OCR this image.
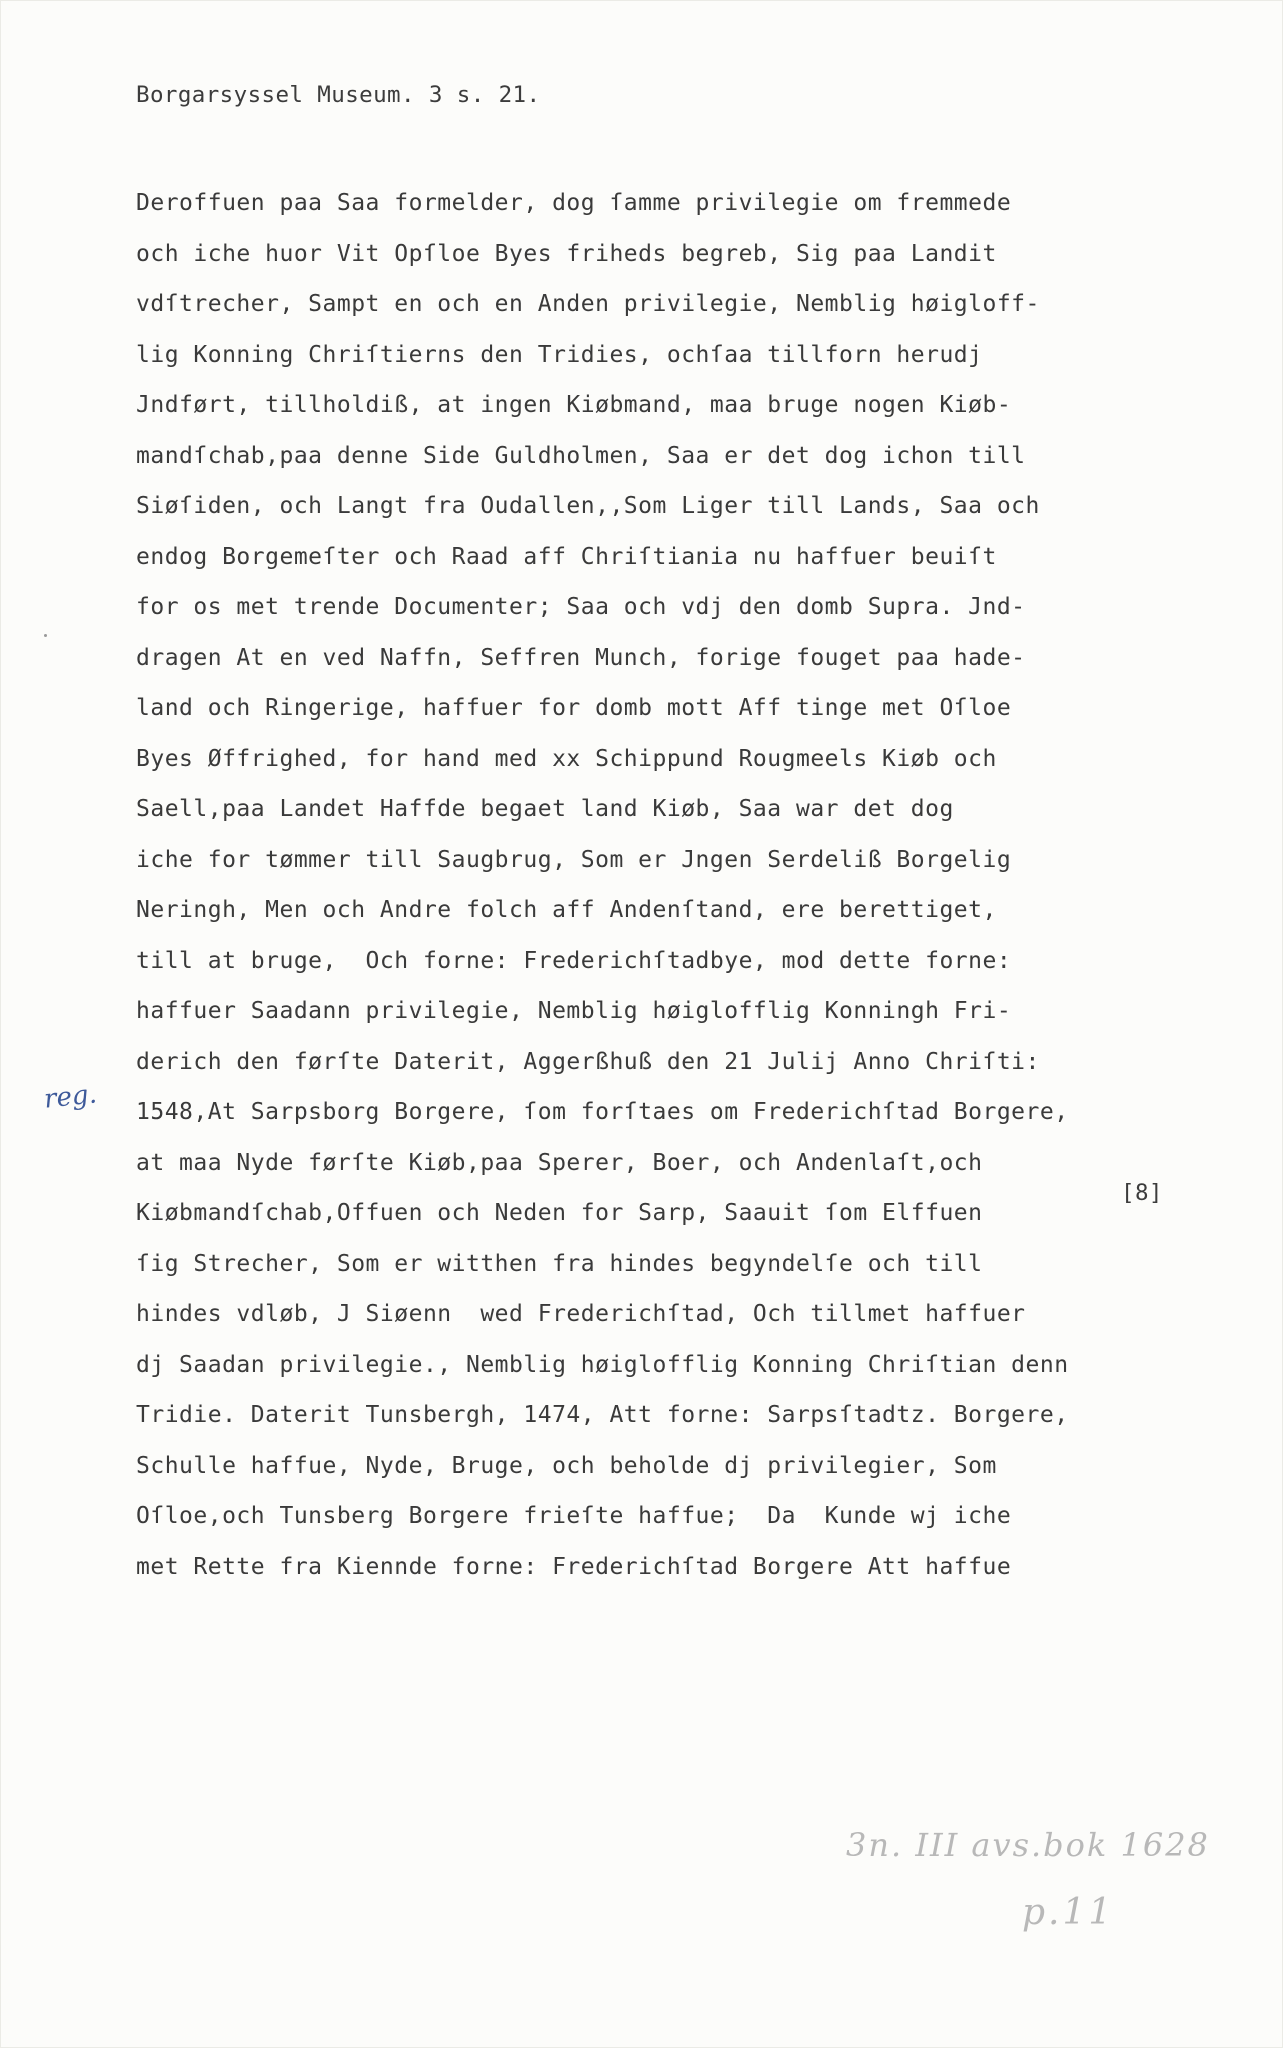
Borgarsyssel Museum. 3 s. 21.
Deroffuen paa Saa formelder, dog ſamme privilegie om fremmede
och iche huor Vit Opſloe Byes friheds begreb, Sig paa Landit
vdſtrecher, Sampt en och en Anden privilegie, Nemblig høigloff-
lig Konning Chriſtierns den Tridies, ochſaa tillforn herudj
Jndført, tillholdiß, at ingen Kiøbmand, maa bruge nogen Kiøb-
mandſchab,paa denne Side Guldholmen, Saa er det dog ichon till
Siøſiden, och Langt fra Oudallen,,Som Liger till Lands, Saa och
endog Borgemeſter och Raad aff Chriſtiania nu haffuer beuiſt
for os met trende Documenter; Saa och vdj den domb Supra. Jnd-
dragen At en ved Naffn, Seffren Munch, forige fouget paa hade-
land och Ringerige, haffuer for domb mott Aff tinge met Oſloe
Byes Øffrighed, for hand med xx Schippund Rougmeels Kiøb och
Saell,paa Landet Haffde begaet land Kiøb, Saa war det dog
iche for tømmer till Saugbrug, Som er Jngen Serdeliß Borgelig
Neringh, Men och Andre folch aff Andenſtand, ere berettiget,
till at bruge,  Och forne: Frederichſtadbye, mod dette forne:
haffuer Saadann privilegie, Nemblig høiglofflig Konningh Fri-
derich den førſte Daterit, Aggerßhuß den 21 Julij Anno Chriſti:
1548,At Sarpsborg Borgere, ſom forſtaes om Frederichſtad Borgere,
at maa Nyde førſte Kiøb,paa Sperer, Boer, och Andenlaſt,och
Kiøbmandſchab,Offuen och Neden for Sarp, Saauit ſom Elffuen
ſig Strecher, Som er witthen fra hindes begyndelſe och till
hindes vdløb, J Siøenn  wed Frederichſtad, Och tillmet haffuer
dj Saadan privilegie., Nemblig høiglofflig Konning Chriſtian denn
Tridie. Daterit Tunsbergh, 1474, Att forne: Sarpsſtadtz. Borgere,
Schulle haffue, Nyde, Bruge, och beholde dj privilegier, Som
Oſloe,och Tunsberg Borgere frieſte haffue;  Da  Kunde wj iche
met Rette fra Kiennde forne: Frederichſtad Borgere Att haffue
[8]
reg.
3n. III avs.bok 1628
p.11
